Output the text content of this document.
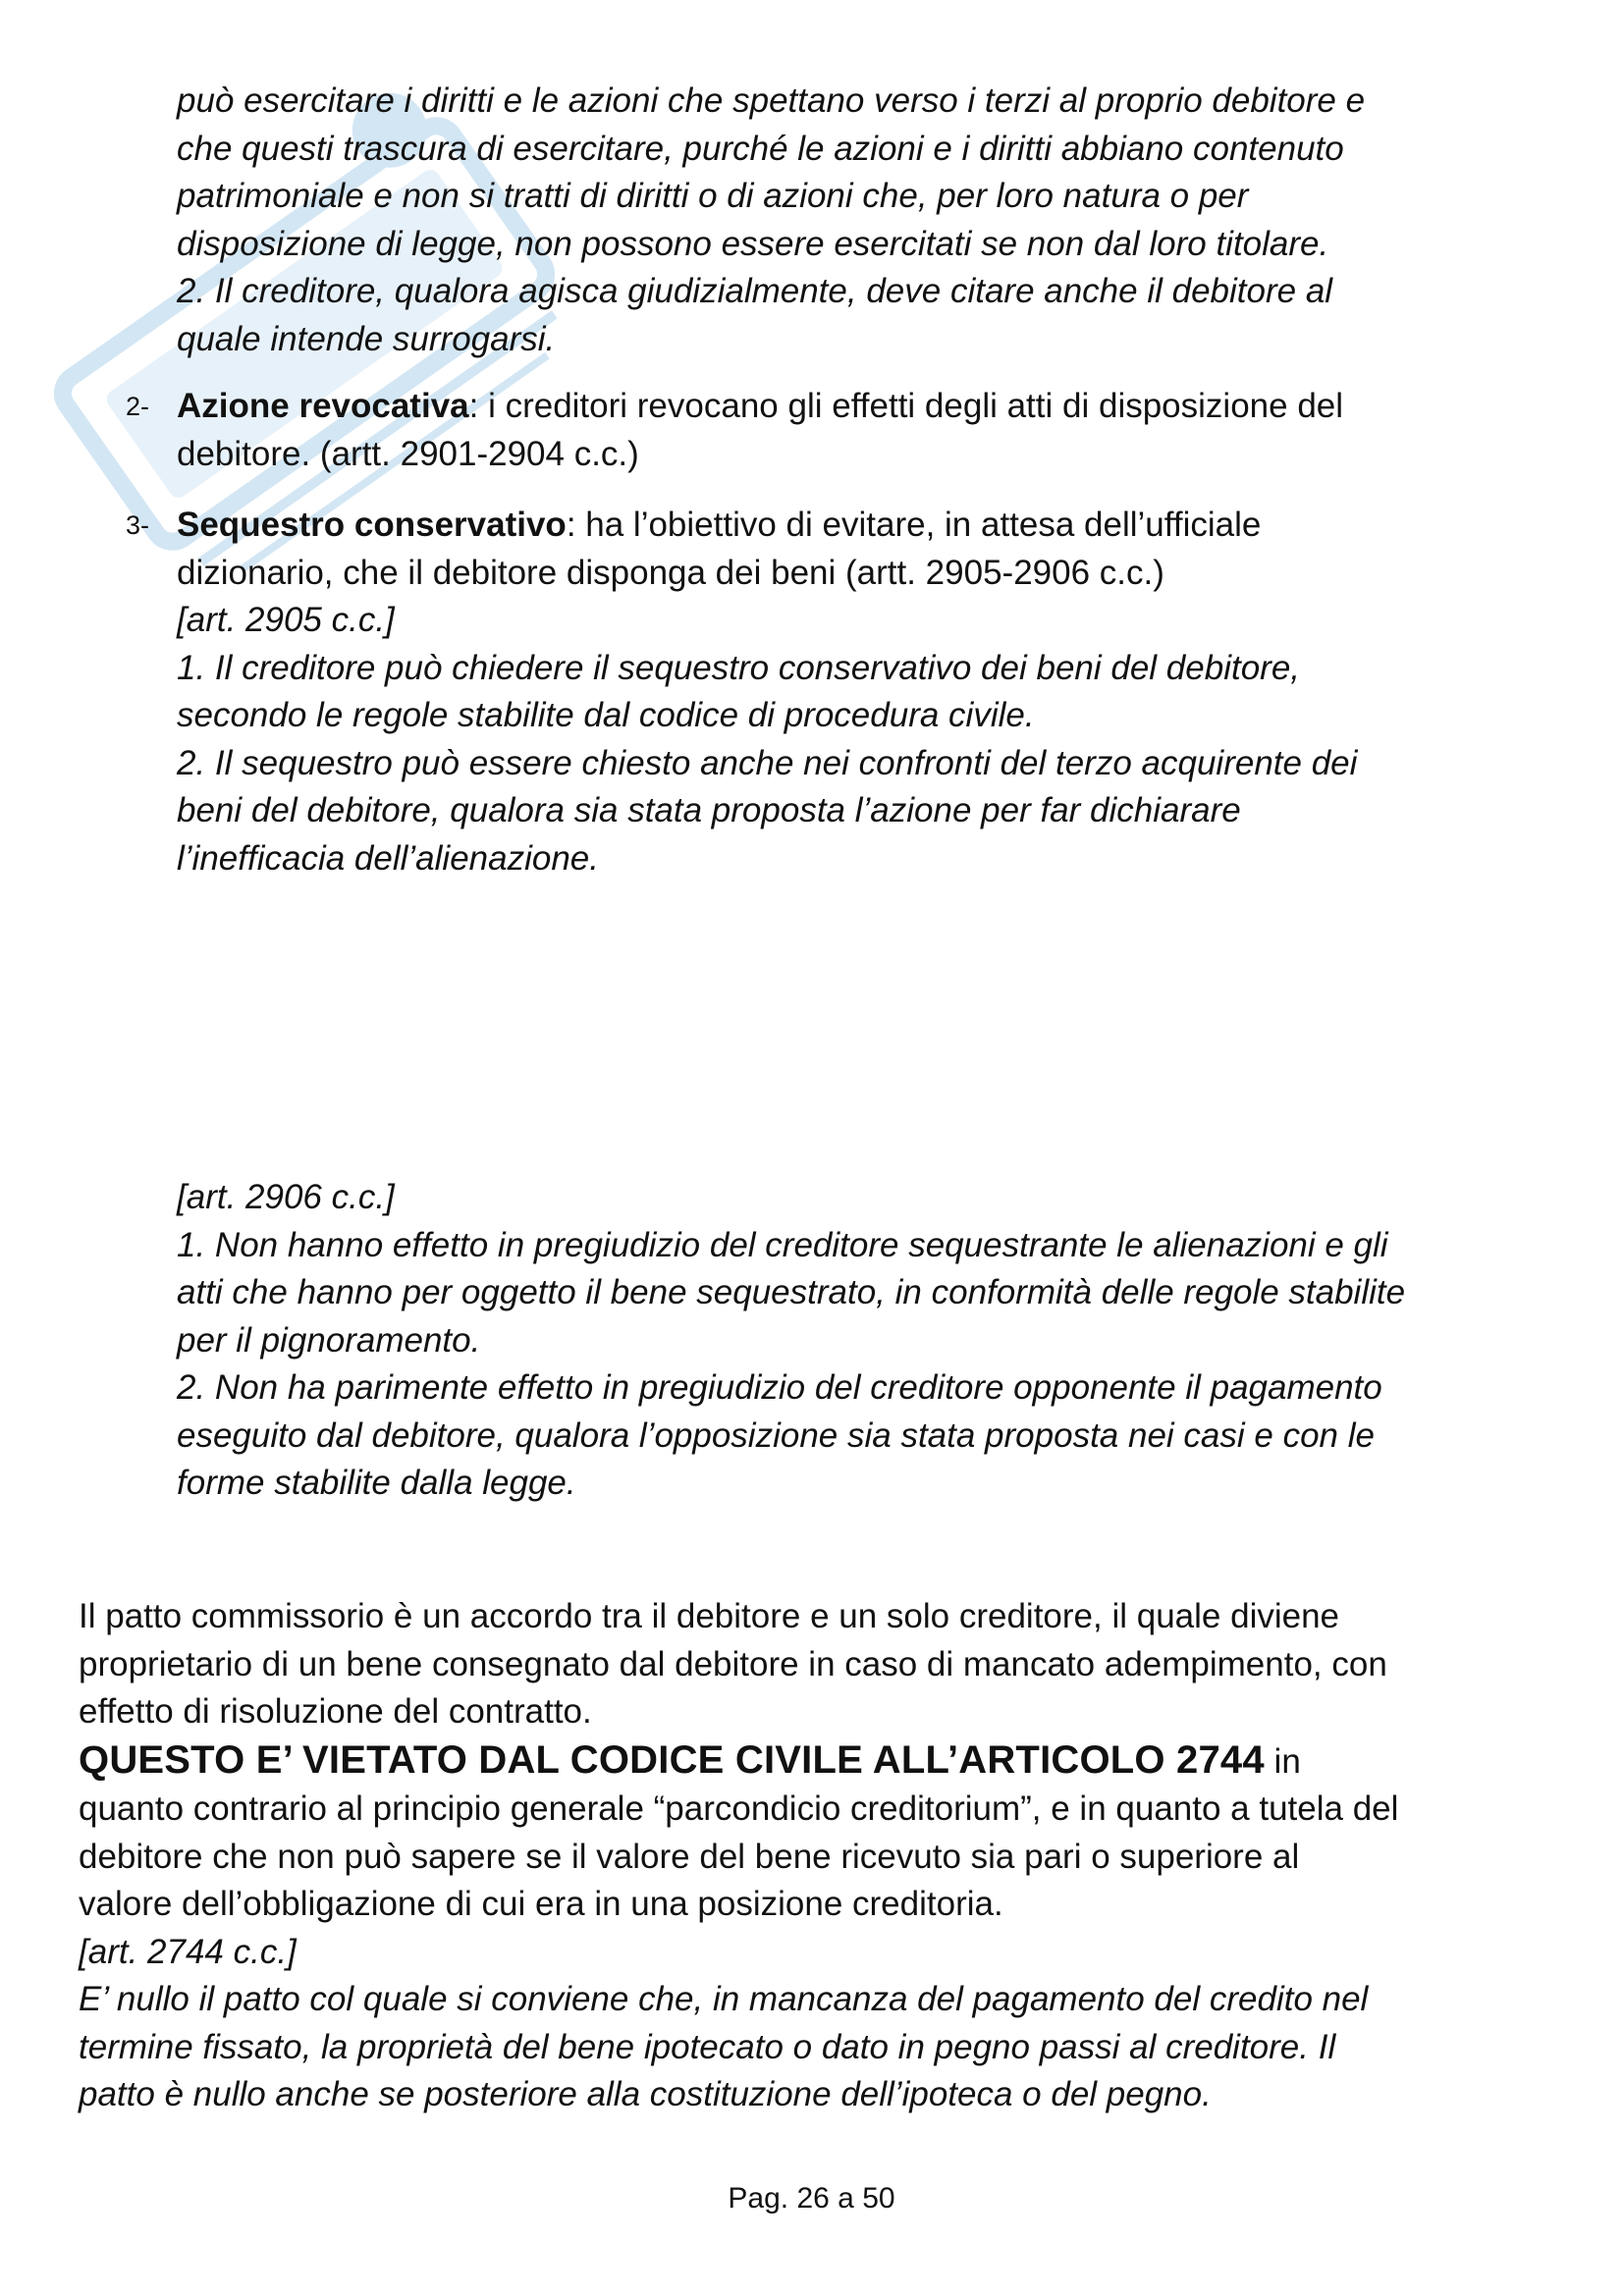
può esercitare i diritti e le azioni che spettano verso i terzi al proprio debitore e

che questi trascura di esercitare, purché le azioni e i diritti abbiano contenuto

patrimoniale e non si tratti di diritti o di azioni che, per loro natura o per

disposizione di legge, non possono essere esercitati se non dal loro titolare.

2. Il creditore, qualora agisca giudizialmente, deve citare anche il debitore al

quale intende surrogarsi.

2- Azione revocativa: i creditori revocano gli effetti degli atti di disposizione del

debitore. (artt. 2901-2904 c.c.)

3- Sequestro conservativo: ha l’obiettivo di evitare, in attesa dell’ufficiale

dizionario, che il debitore disponga dei beni (artt. 2905-2906 c.c.)

[art. 2905 c.c.]

1. Il creditore può chiedere il sequestro conservativo dei beni del debitore,

secondo le regole stabilite dal codice di procedura civile.

2. Il sequestro può essere chiesto anche nei confronti del terzo acquirente dei

beni del debitore, qualora sia stata proposta l’azione per far dichiarare

l’inefficacia dell’alienazione.

[art. 2906 c.c.]

1. Non hanno effetto in pregiudizio del creditore sequestrante le alienazioni e gli

atti che hanno per oggetto il bene sequestrato, in conformità delle regole stabilite

per il pignoramento.

2. Non ha parimente effetto in pregiudizio del creditore opponente il pagamento

eseguito dal debitore, qualora l’opposizione sia stata proposta nei casi e con le

forme stabilite dalla legge.

Il patto commissorio è un accordo tra il debitore e un solo creditore, il quale diviene

proprietario di un bene consegnato dal debitore in caso di mancato adempimento, con

effetto di risoluzione del contratto.

QUESTO E’ VIETATO DAL CODICE CIVILE ALL’ARTICOLO 2744 in

quanto contrario al principio generale “parcondicio creditorium”, e in quanto a tutela del

debitore che non può sapere se il valore del bene ricevuto sia pari o superiore al

valore dell’obbligazione di cui era in una posizione creditoria.

[art. 2744 c.c.]

E’ nullo il patto col quale si conviene che, in mancanza del pagamento del credito nel

termine fissato, la proprietà del bene ipotecato o dato in pegno passi al creditore. Il

patto è nullo anche se posteriore alla costituzione dell’ipoteca o del pegno.

Pag. 26 a 50
